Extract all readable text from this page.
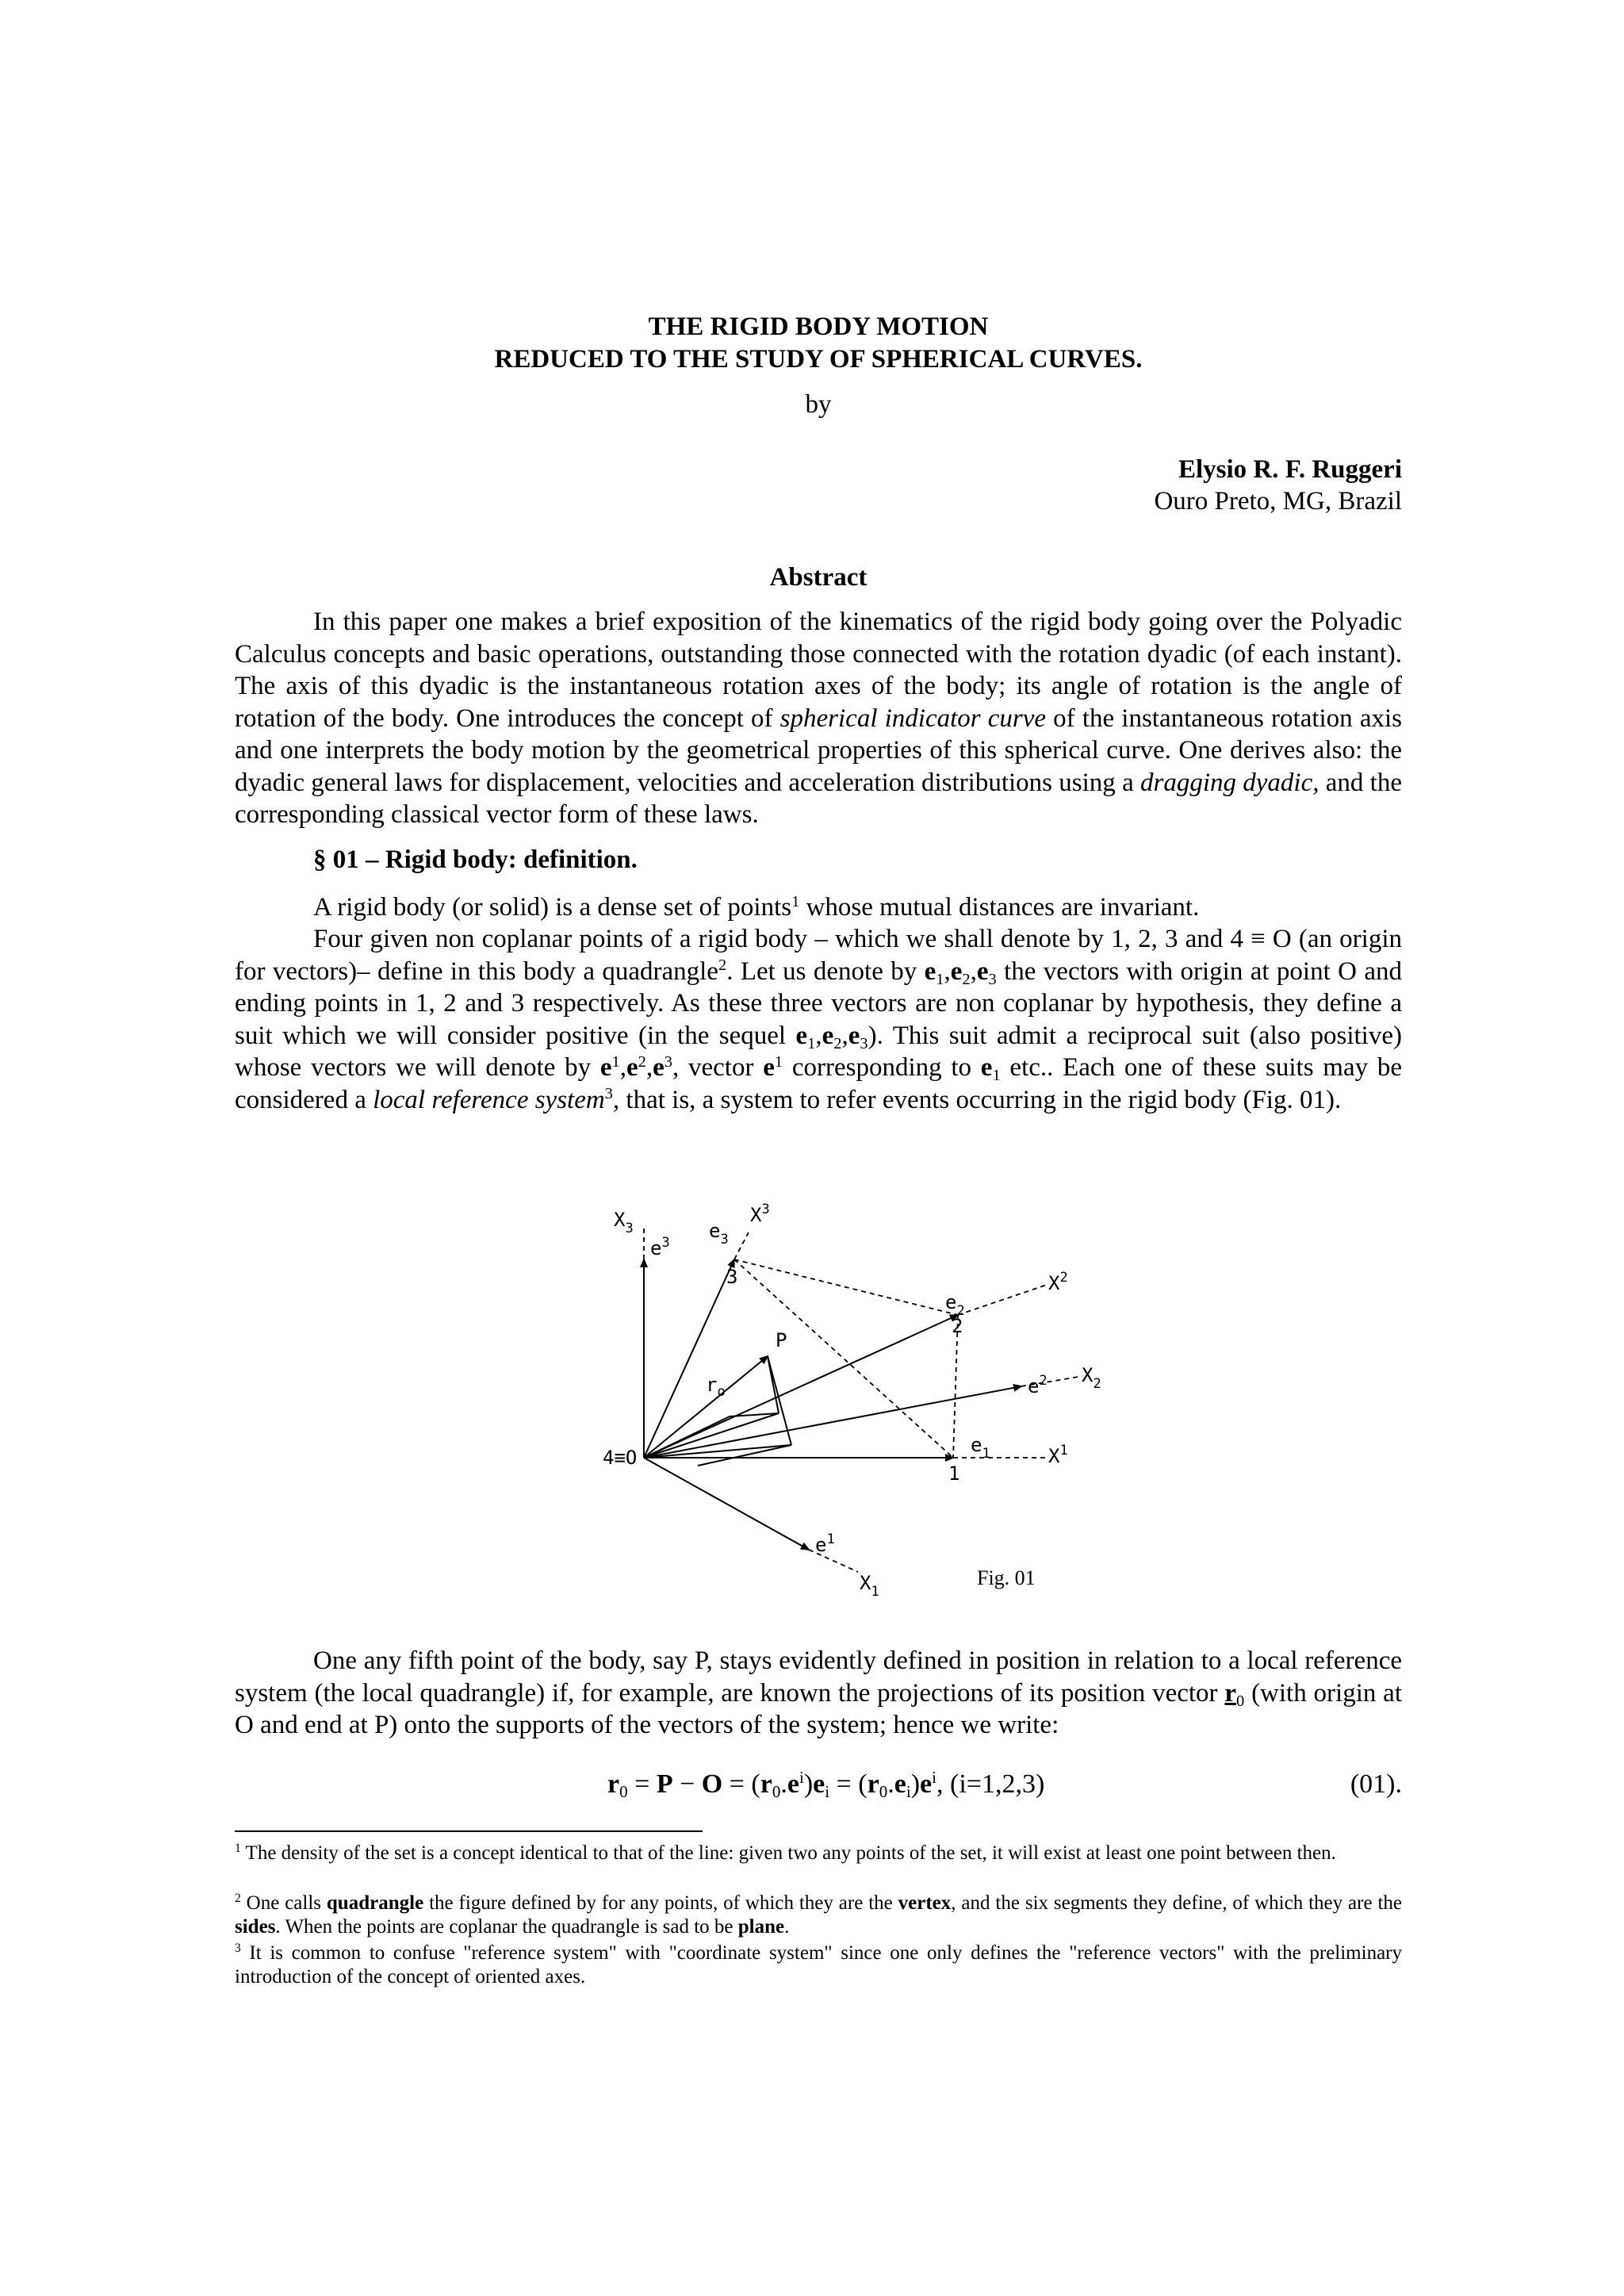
THE RIGID BODY MOTION
REDUCED TO THE STUDY OF SPHERICAL CURVES.
by
Elysio R. F. Ruggeri
Ouro Preto, MG, Brazil
Abstract
In this paper one makes a brief exposition of the kinematics of the rigid body going over the Polyadic Calculus concepts and basic operations, outstanding those connected with the rotation dyadic (of each instant). The axis of this dyadic is the instantaneous rotation axes of the body; its angle of rotation is the angle of rotation of the body. One introduces the concept of spherical indicator curve of the instantaneous rotation axis and one interprets the body motion by the geometrical properties of this spherical curve. One derives also: the dyadic general laws for displacement, velocities and acceleration distributions using a dragging dyadic, and the corresponding classical vector form of these laws.
§ 01 – Rigid body: definition.
A rigid body (or solid) is a dense set of points$^1$ whose mutual distances are invariant.
Four given non coplanar points of a rigid body – which we shall denote by 1, 2, 3 and 4 ≡ O (an origin for vectors)– define in this body a quadrangle$^2$. Let us denote by $e_1,e_2,e_3$ the vectors with origin at point O and ending points in 1, 2 and 3 respectively. As these three vectors are non coplanar by hypothesis, they define a suit which we will consider positive (in the sequel $e_1,e_2,e_3$). This suit admit a reciprocal suit (also positive) whose vectors we will denote by $e^1,e^2,e^3$, vector $e^1$ corresponding to $e_1$ etc.. Each one of these suits may be considered a local reference system$^3$, that is, a system to refer events occurring in the rigid body (Fig. 01).
$X_3$
$e^3$
$e_3$
$X^3$
3
P
$r_o$
$e_2$
2
$X^2$
$e^2$ $X_2$
$e_1$	$X^1$
1
4≡O
$e^1$
$X_1$
Fig. 01
One any fifth point of the body, say P, stays evidently defined in position in relation to a local reference system (the local quadrangle) if, for example, are known the projections of its position vector $r_0$ (with origin at O and end at P) onto the supports of the vectors of the system; hence we write:
$r_0 = P - O = (r_0.e^i)e_i = (r_0.e_i)e^i$, (i=1,2,3)	(01).
$^1$ The density of the set is a concept identical to that of the line: given two any points of the set, it will exist at least one point between then.
$^2$ One calls quadrangle the figure defined by for any points, of which they are the vertex, and the six segments they define, of which they are the sides. When the points are coplanar the quadrangle is sad to be plane.
$^3$ It is common to confuse "reference system" with "coordinate system" since one only defines the "reference vectors" with the preliminary introduction of the concept of oriented axes.
